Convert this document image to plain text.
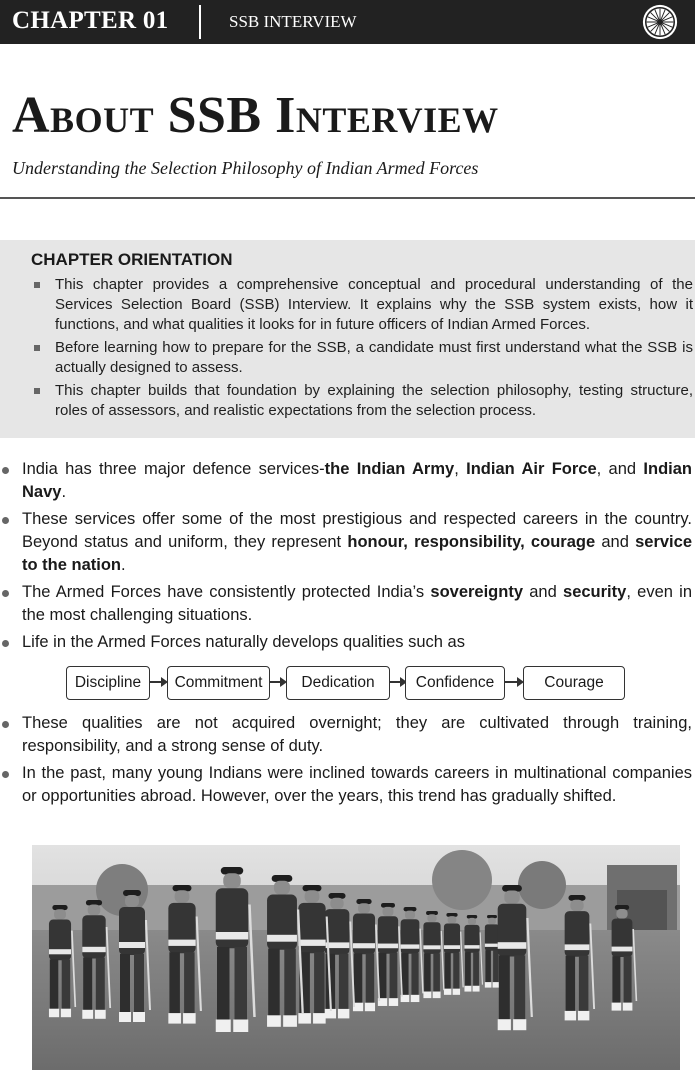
CHAPTER 01	SSB INTERVIEW
About SSB Interview
Understanding the Selection Philosophy of Indian Armed Forces
CHAPTER ORIENTATION
This chapter provides a comprehensive conceptual and procedural understanding of the Services Selection Board (SSB) Interview. It explains why the SSB system exists, how it functions, and what qualities it looks for in future officers of Indian Armed Forces.
Before learning how to prepare for the SSB, a candidate must first understand what the SSB is actually designed to assess.
This chapter builds that foundation by explaining the selection philosophy, testing structure, roles of assessors, and realistic expectations from the selection process.
India has three major defence services-the Indian Army, Indian Air Force, and Indian Navy.
These services offer some of the most prestigious and respected careers in the country. Beyond status and uniform, they represent honour, responsibility, courage and service to the nation.
The Armed Forces have consistently protected India’s sovereignty and security, even in the most challenging situations.
Life in the Armed Forces naturally develops qualities such as
Discipline	Commitment	Dedication	Confidence	Courage
These qualities are not acquired overnight; they are cultivated through training, responsibility, and a strong sense of duty.
In the past, many young Indians were inclined towards careers in multinational companies or opportunities abroad. However, over the years, this trend has gradually shifted.
